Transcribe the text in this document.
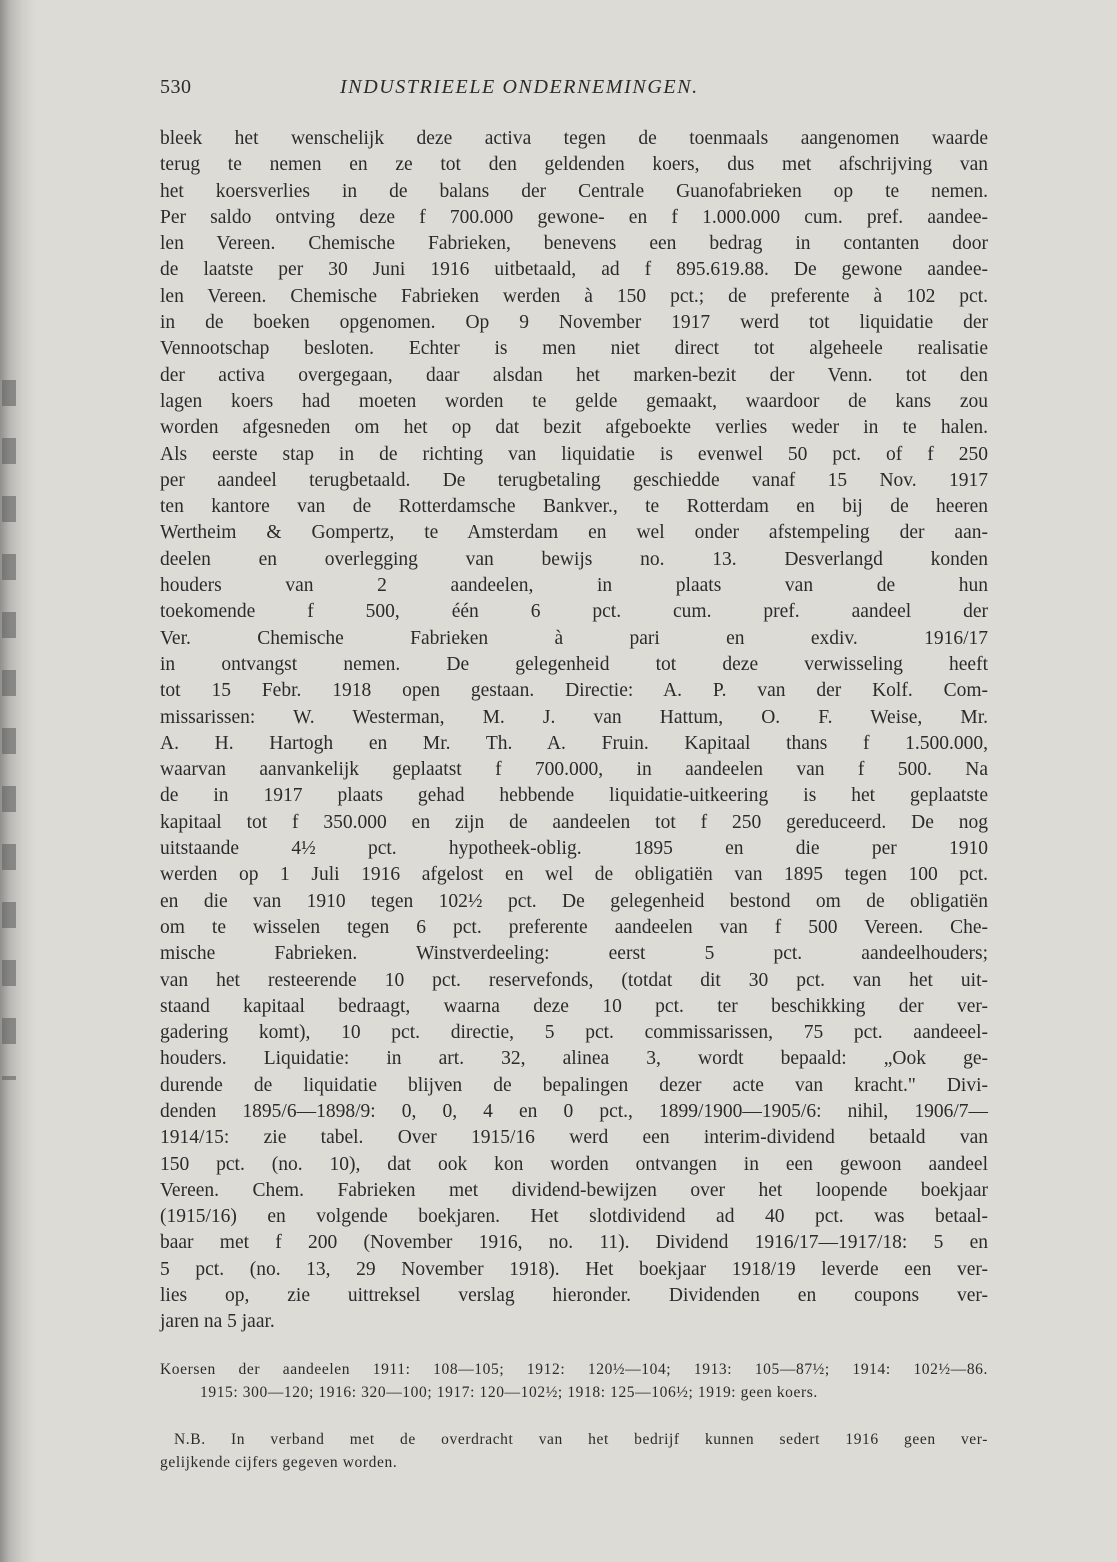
530	INDUSTRIEELE ONDERNEMINGEN.
bleek het wenschelijk deze activa tegen de toenmaals aangenomen waarde
terug te nemen en ze tot den geldenden koers, dus met afschrijving van
het koersverlies in de balans der Centrale Guanofabrieken op te nemen.
Per saldo ontving deze f 700.000 gewone- en f 1.000.000 cum. pref. aandee-
len Vereen. Chemische Fabrieken, benevens een bedrag in contanten door
de laatste per 30 Juni 1916 uitbetaald, ad f 895.619.88. De gewone aandee-
len Vereen. Chemische Fabrieken werden à 150 pct.; de preferente à 102 pct.
in de boeken opgenomen. Op 9 November 1917 werd tot liquidatie der
Vennootschap besloten. Echter is men niet direct tot algeheele realisatie
der activa overgegaan, daar alsdan het marken-bezit der Venn. tot den
lagen koers had moeten worden te gelde gemaakt, waardoor de kans zou
worden afgesneden om het op dat bezit afgeboekte verlies weder in te halen.
Als eerste stap in de richting van liquidatie is evenwel 50 pct. of f 250
per aandeel terugbetaald. De terugbetaling geschiedde vanaf 15 Nov. 1917
ten kantore van de Rotterdamsche Bankver., te Rotterdam en bij de heeren
Wertheim & Gompertz, te Amsterdam en wel onder afstempeling der aan-
deelen en overlegging van bewijs no. 13. Desverlangd konden
houders van 2 aandeelen, in plaats van de hun
toekomende f 500, één 6 pct. cum. pref. aandeel der
Ver. Chemische Fabrieken à pari en exdiv. 1916/17
in ontvangst nemen. De gelegenheid tot deze verwisseling heeft
tot 15 Febr. 1918 open gestaan. Directie: A. P. van der Kolf. Com-
missarissen: W. Westerman, M. J. van Hattum, O. F. Weise, Mr.
A. H. Hartogh en Mr. Th. A. Fruin. Kapitaal thans f 1.500.000,
waarvan aanvankelijk geplaatst f 700.000, in aandeelen van f 500. Na
de in 1917 plaats gehad hebbende liquidatie-uitkeering is het geplaatste
kapitaal tot f 350.000 en zijn de aandeelen tot f 250 gereduceerd. De nog
uitstaande 4½ pct. hypotheek-oblig. 1895 en die per 1910
werden op 1 Juli 1916 afgelost en wel de obligatiën van 1895 tegen 100 pct.
en die van 1910 tegen 102½ pct. De gelegenheid bestond om de obligatiën
om te wisselen tegen 6 pct. preferente aandeelen van f 500 Vereen. Che-
mische Fabrieken. Winstverdeeling: eerst 5 pct. aandeelhouders;
van het resteerende 10 pct. reservefonds, (totdat dit 30 pct. van het uit-
staand kapitaal bedraagt, waarna deze 10 pct. ter beschikking der ver-
gadering komt), 10 pct. directie, 5 pct. commissarissen, 75 pct. aandeeel-
houders. Liquidatie: in art. 32, alinea 3, wordt bepaald: „Ook ge-
durende de liquidatie blijven de bepalingen dezer acte van kracht." Divi-
denden 1895/6—1898/9: 0, 0, 4 en 0 pct., 1899/1900—1905/6: nihil, 1906/7—
1914/15: zie tabel. Over 1915/16 werd een interim-dividend betaald van
150 pct. (no. 10), dat ook kon worden ontvangen in een gewoon aandeel
Vereen. Chem. Fabrieken met dividend-bewijzen over het loopende boekjaar
(1915/16) en volgende boekjaren. Het slotdividend ad 40 pct. was betaal-
baar met f 200 (November 1916, no. 11). Dividend 1916/17—1917/18: 5 en
5 pct. (no. 13, 29 November 1918). Het boekjaar 1918/19 leverde een ver-
lies op, zie uittreksel verslag hieronder. Dividenden en coupons ver-
jaren na 5 jaar.
Koersen der aandeelen 1911: 108—105; 1912: 120½—104; 1913: 105—87½; 1914: 102½—86.
1915: 300—120; 1916: 320—100; 1917: 120—102½; 1918: 125—106½; 1919: geen koers.
N.B. In verband met de overdracht van het bedrijf kunnen sedert 1916 geen ver-
gelijkende cijfers gegeven worden.
